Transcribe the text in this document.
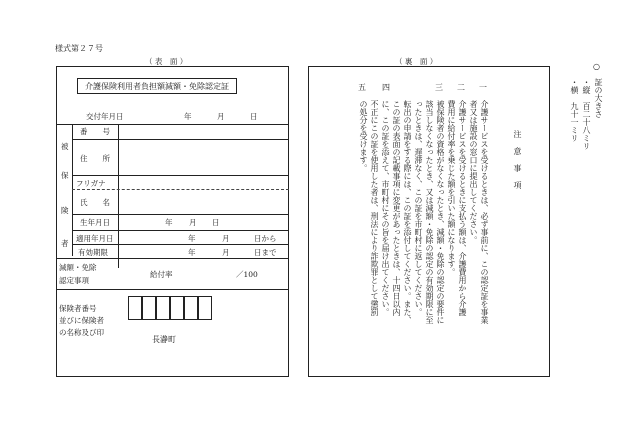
様式第２７号
（ 表　面 ）	（ 裏　面 ）
介護保険利用者負担額減額・免除認定証
交付年月日	年	月	日
被
保
険
者
番　　号
住　　所
フリガナ
氏　　名
生年月日	年 月 日
適用年月日	年	月	日から
有効期限	年	月	日まで
減額・免除
認定事項
給付率	／100
保険者番号
並びに保険者
の名称及び印
長瀞町
注意事項
一
介護サービスを受けるときは、必ず事前に、この認定証を事業
者又は施設の窓口に提出してください。
二
介護サービスを受けるときに支払う額は、介護費用から介護
費用に給付率を乗じた額を引いた額になります。
三
被保険者の資格がなくなったとき、減額・免除の認定の要件に
該当しなくなったとき、又は減額・免除の認定の有効期限に至
ったときは、遅滞なく、この証を市町村に返してください。
四
転出の申請をする際には、この証を添付してください。また、
この証の表面の記載事項に変更があったときは、十四日以内
に、この証を添えて、市町村にその旨を届け出てください。
五
不正にこの証を使用した者は、刑法により詐欺罪として懲罰
の処分を受けます。
○
証の大きさ
・縦　百二十八ミリ
・横　九十一ミリ
